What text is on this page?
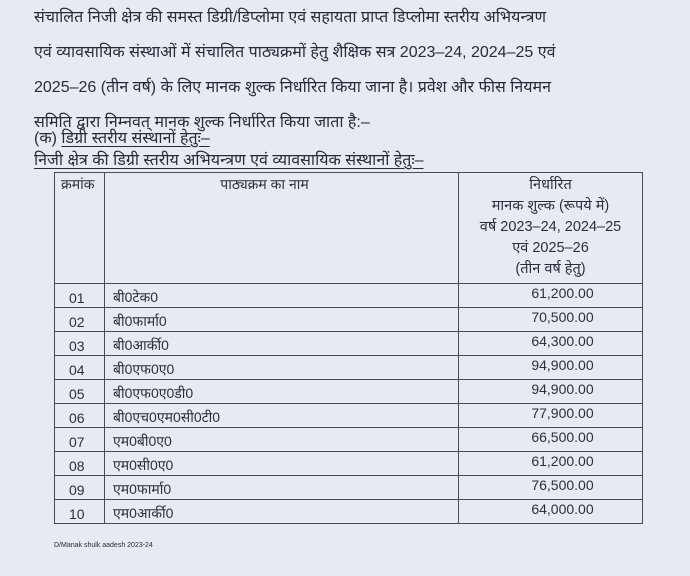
संचालित निजी क्षेत्र की समस्त डिग्री/डिप्लोमा एवं सहायता प्राप्त डिप्लोमा स्तरीय अभियन्त्रण
एवं व्यावसायिक संस्थाओं में संचालित पाठ्यक्रमों हेतु शैक्षिक सत्र 2023–24, 2024–25 एवं
2025–26 (तीन वर्ष) के लिए मानक शुल्क निर्धारित किया जाना है। प्रवेश और फीस नियमन
समिति द्वारा निम्नवत् मानक शुल्क निर्धारित किया जाता है:–
(क) डिग्री स्तरीय संस्थानों हेतुः–
निजी क्षेत्र की डिग्री स्तरीय अभियन्त्रण एवं व्यावसायिक संस्थानों हेतुः–
क्रमांक	पाठ्यक्रम का नाम	निर्धारित
मानक शुल्क (रूपये में)
वर्ष 2023–24, 2024–25
एवं 2025–26
(तीन वर्ष हेतु)

01	बी0टेक0	61,200.00
02	बी0फार्मा0	70,500.00
03	बी0आर्की0	64,300.00
04	बी0एफ0ए0	94,900.00
05	बी0एफ0ए0डी0	94,900.00
06	बी0एच0एम0सी0टी0	77,900.00
07	एम0बी0ए0	66,500.00
08	एम0सी0ए0	61,200.00
09	एम0फार्मा0	76,500.00
10	एम0आर्की0	64,000.00
D/Manak shulk aadesh 2023-24
